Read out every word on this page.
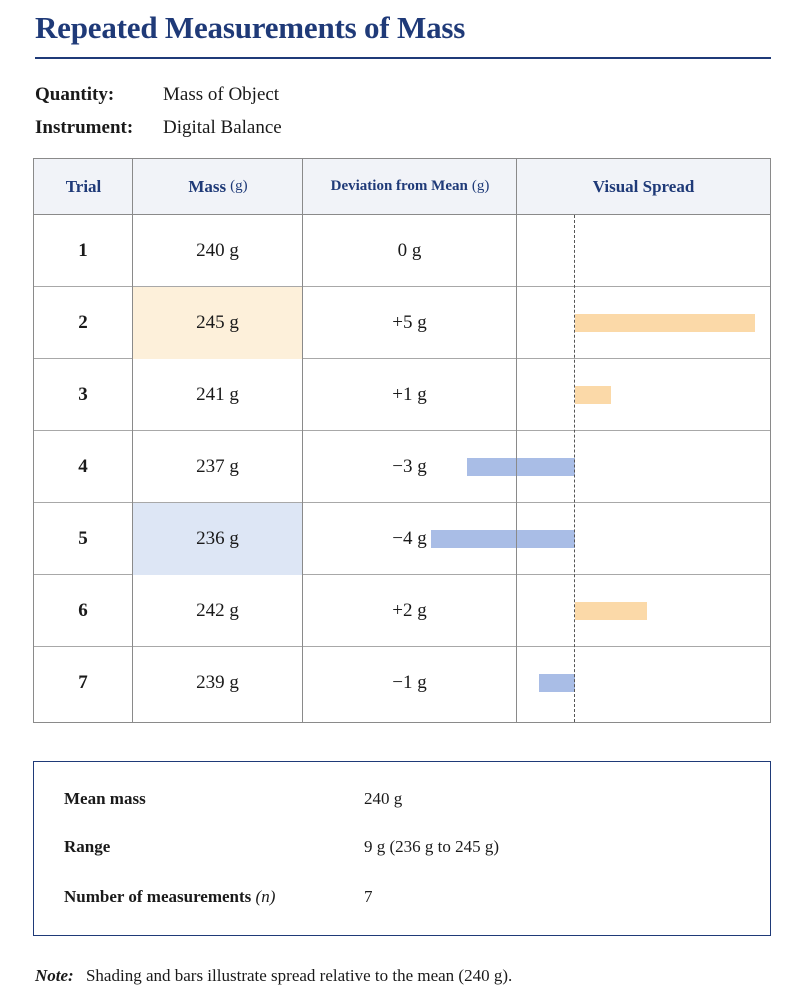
Repeated Measurements of Mass
Quantity:	Mass of Object
Instrument: Digital Balance
Trial	Mass (g)	Deviation from Mean (g)	Visual Spread
1	240 g	0 g
2	245 g	+5 g
3	241 g	+1 g
4	237 g	−3 g
5	236 g	−4 g
6	242 g	+2 g
7	239 g	−1 g
Mean mass	240 g
Range	9 g (236 g to 245 g)
Number of measurements (n)	7
Note: Shading and bars illustrate spread relative to the mean (240 g).
